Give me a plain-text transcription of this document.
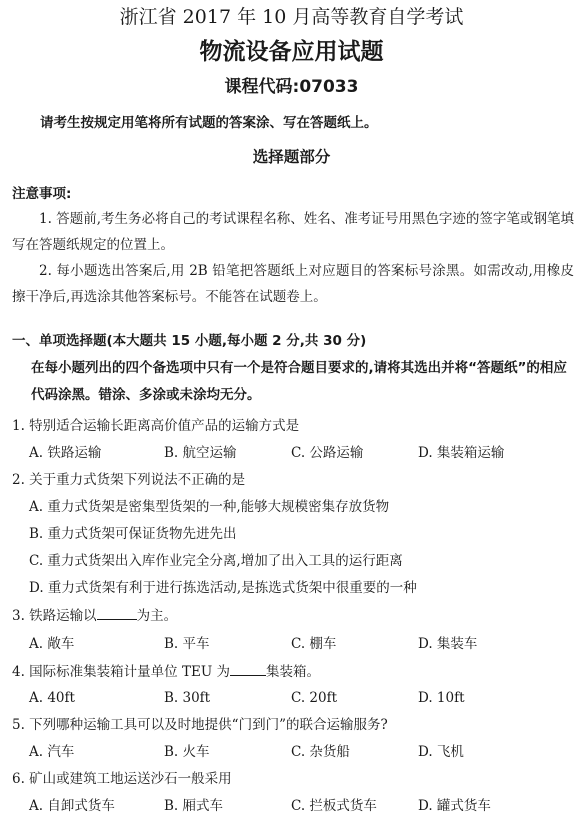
浙江省 2017 年 10 月高等教育自学考试
物流设备应用试题
课程代码:07033
请考生按规定用笔将所有试题的答案涂、写在答题纸上。
选择题部分
注意事项:
1. 答题前,考生务必将自己的考试课程名称、姓名、准考证号用黑色字迹的签字笔或钢笔填写在答题纸规定的位置上。
2. 每小题选出答案后,用 2B 铅笔把答题纸上对应题目的答案标号涂黑。如需改动,用橡皮擦干净后,再选涂其他答案标号。不能答在试题卷上。
一、单项选择题(本大题共 15 小题,每小题 2 分,共 30 分)
在每小题列出的四个备选项中只有一个是符合题目要求的,请将其选出并将“答题纸”的相应代码涂黑。错涂、多涂或未涂均无分。
1. 特别适合运输长距离高价值产品的运输方式是
A. 铁路运输	B. 航空运输	C. 公路运输	D. 集装箱运输
2. 关于重力式货架下列说法不正确的是
A. 重力式货架是密集型货架的一种,能够大规模密集存放货物
B. 重力式货架可保证货物先进先出
C. 重力式货架出入库作业完全分离,增加了出入工具的运行距离
D. 重力式货架有利于进行拣选活动,是拣选式货架中很重要的一种
3. 铁路运输以	为主。
A. 敞车	B. 平车	C. 棚车	D. 集装车
4. 国际标准集装箱计量单位 TEU 为	集装箱。
A. 40ft	B. 30ft	C. 20ft	D. 10ft
5. 下列哪种运输工具可以及时地提供“门到门”的联合运输服务?
A. 汽车	B. 火车	C. 杂货船	D. 飞机
6. 矿山或建筑工地运送沙石一般采用
A. 自卸式货车	B. 厢式车	C. 拦板式货车	D. 罐式货车
